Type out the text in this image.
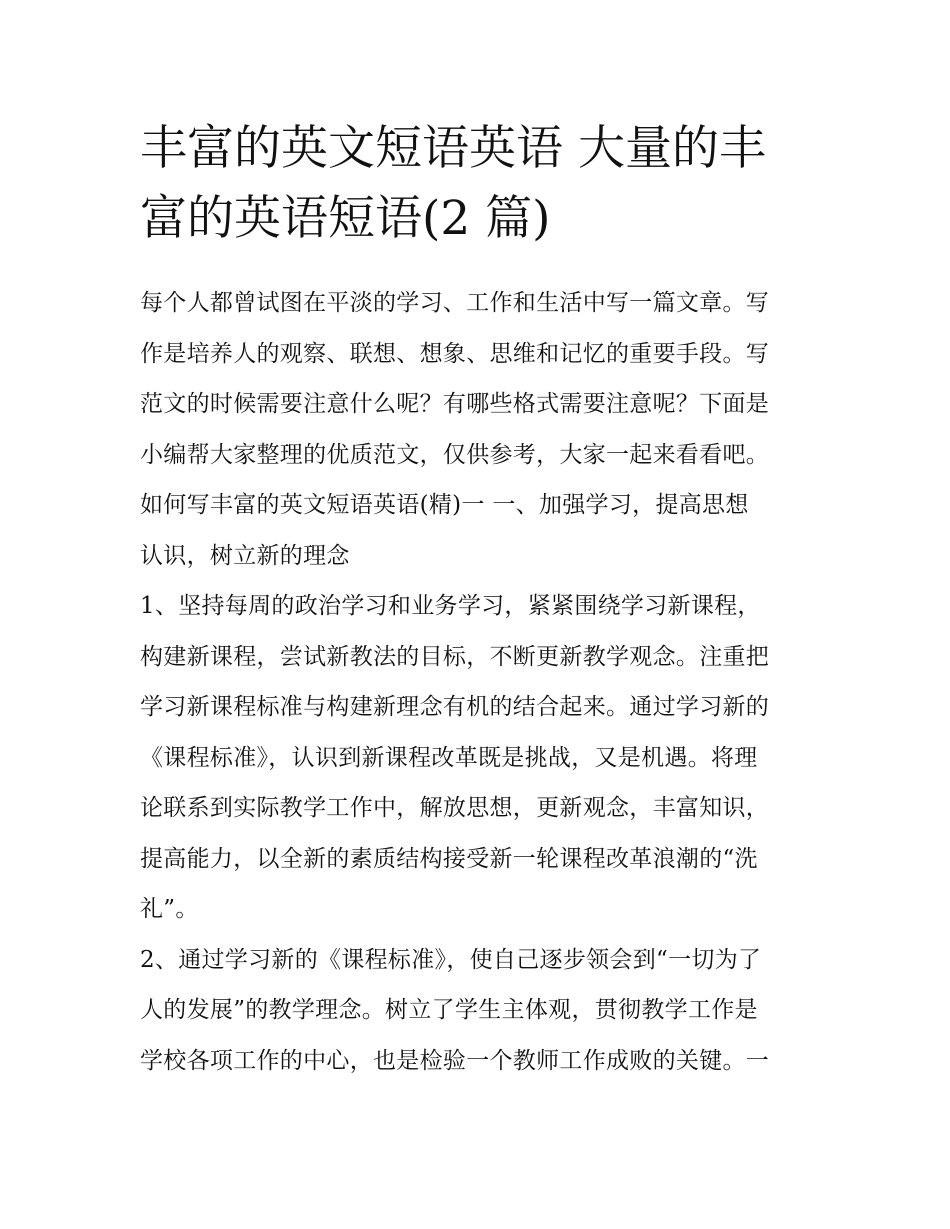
丰富的英文短语英语 大量的丰
富的英语短语(2 篇)
每个人都曾试图在平淡的学习、工作和生活中写一篇文章。写
作是培养人的观察、联想、想象、思维和记忆的重要手段。写
范文的时候需要注意什么呢？有哪些格式需要注意呢？下面是
小编帮大家整理的优质范文，仅供参考，大家一起来看看吧。
如何写丰富的英文短语英语(精)一 一、加强学习，提高思想
认识，树立新的理念
1、坚持每周的政治学习和业务学习，紧紧围绕学习新课程，
构建新课程，尝试新教法的目标，不断更新教学观念。注重把
学习新课程标准与构建新理念有机的结合起来。通过学习新的
《课程标准》，认识到新课程改革既是挑战，又是机遇。将理
论联系到实际教学工作中，解放思想，更新观念，丰富知识，
提高能力，以全新的素质结构接受新一轮课程改革浪潮的“洗
礼”。
2、通过学习新的《课程标准》，使自己逐步领会到“一切为了
人的发展”的教学理念。树立了学生主体观，贯彻教学工作是
学校各项工作的中心，也是检验一个教师工作成败的关键。一
